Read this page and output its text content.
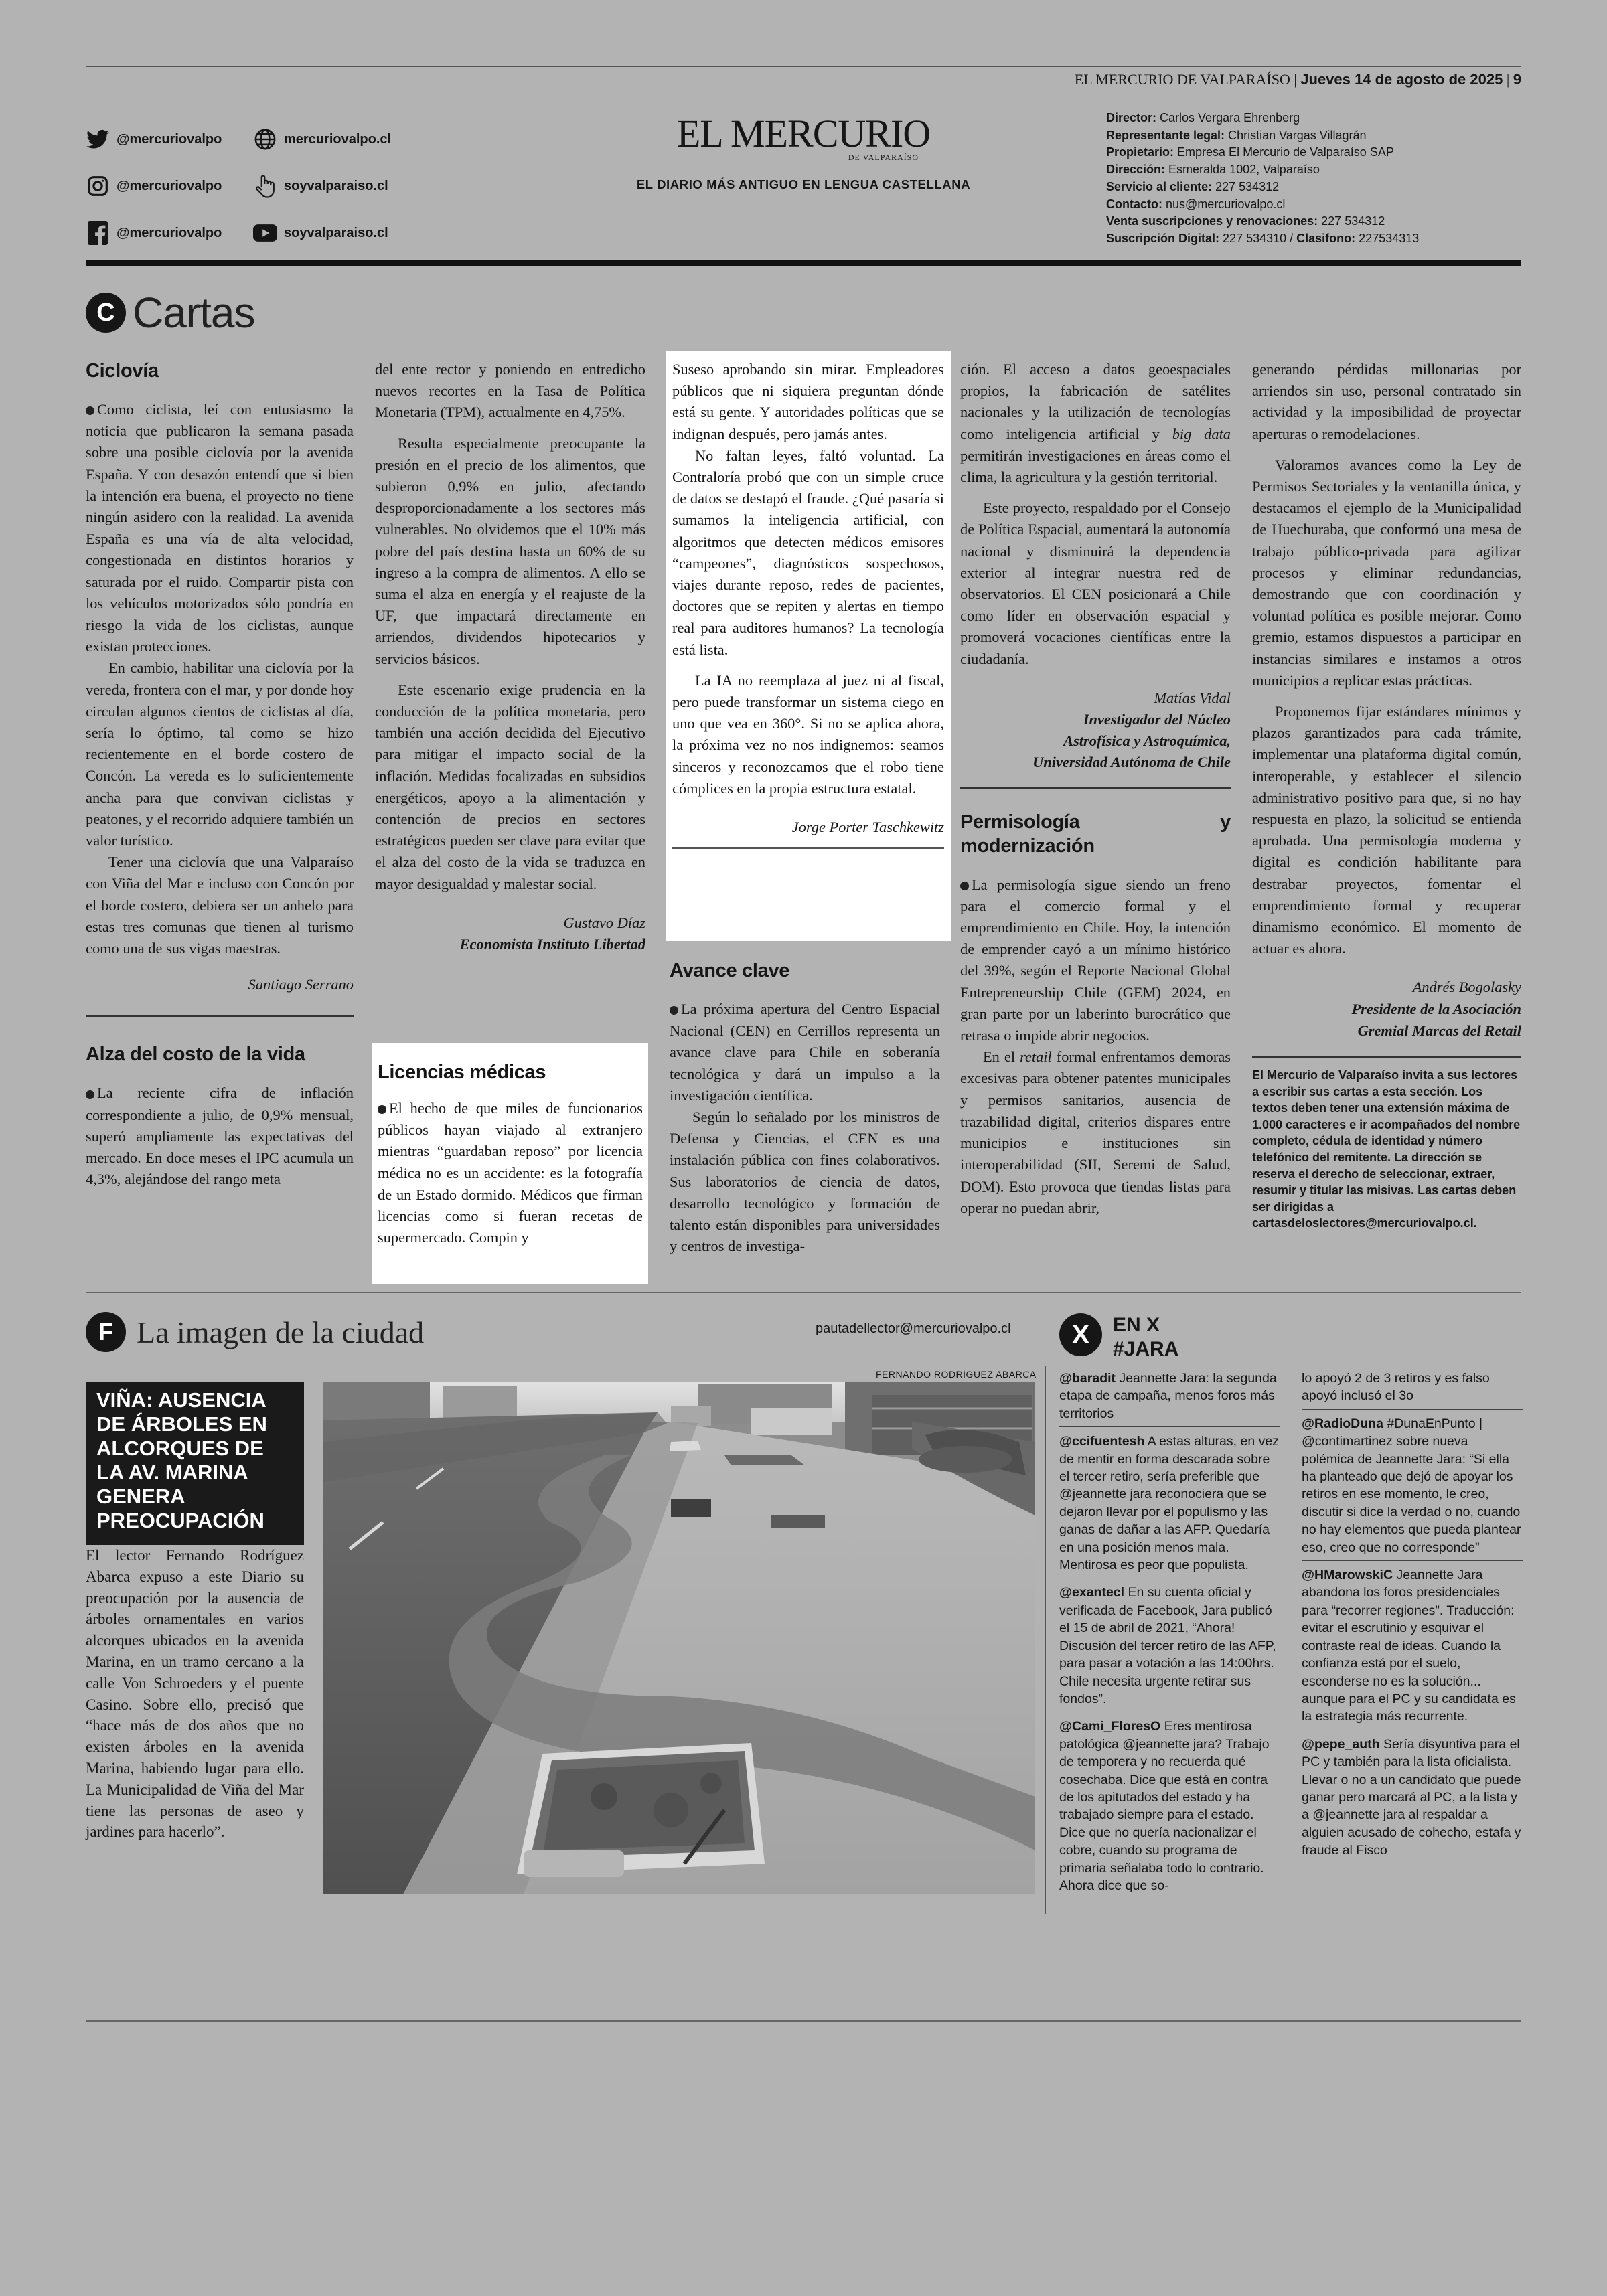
EL MERCURIO DE VALPARAÍSO | Jueves 14 de agosto de 2025 | 9
@mercuriovalpo	mercuriovalpo.cl
@mercuriovalpo	soyvalparaiso.cl
@mercuriovalpo	soyvalparaiso.cl
EL MERCURIO
DE VALPARAÍSO
EL DIARIO MÁS ANTIGUO EN LENGUA CASTELLANA
Director: Carlos Vergara Ehrenberg
Representante legal: Christian Vargas Villagrán
Propietario: Empresa El Mercurio de Valparaíso SAP
Dirección: Esmeralda 1002, Valparaíso
Servicio al cliente: 227 534312
Contacto: nus@mercuriovalpo.cl
Venta suscripciones y renovaciones: 227 534312
Suscripción Digital: 227 534310 / Clasifono: 227534313
C Cartas
Ciclovía

Como ciclista, leí con entusiasmo la noticia que publicaron la semana pasada sobre una posible ciclovía por la avenida España. Y con desazón entendí que si bien la intención era buena, el proyecto no tiene ningún asidero con la realidad. La avenida España es una vía de alta velocidad, congestionada en distintos horarios y saturada por el ruido. Compartir pista con los vehículos motorizados sólo pondría en riesgo la vida de los ciclistas, aunque existan protecciones.

En cambio, habilitar una ciclovía por la vereda, frontera con el mar, y por donde hoy circulan algunos cientos de ciclistas al día, sería lo óptimo, tal como se hizo recientemente en el borde costero de Concón. La vereda es lo suficientemente ancha para que convivan ciclistas y peatones, y el recorrido adquiere también un valor turístico.

Tener una ciclovía que una Valparaíso con Viña del Mar e incluso con Concón por el borde costero, debiera ser un anhelo para estas tres comunas que tienen al turismo como una de sus vigas maestras.

Santiago Serrano

Alza del costo de la vida

La reciente cifra de inflación correspondiente a julio, de 0,9% mensual, superó ampliamente las expectativas del mercado. En doce meses el IPC acumula un 4,3%, alejándose del rango meta

del ente rector y poniendo en entredicho nuevos recortes en la Tasa de Política Monetaria (TPM), actualmente en 4,75%.

Resulta especialmente preocupante la presión en el precio de los alimentos, que subieron 0,9% en julio, afectando desproporcionadamente a los sectores más vulnerables. No olvidemos que el 10% más pobre del país destina hasta un 60% de su ingreso a la compra de alimentos. A ello se suma el alza en energía y el reajuste de la UF, que impactará directamente en arriendos, dividendos hipotecarios y servicios básicos.

Este escenario exige prudencia en la conducción de la política monetaria, pero también una acción decidida del Ejecutivo para mitigar el impacto social de la inflación. Medidas focalizadas en subsidios energéticos, apoyo a la alimentación y contención de precios en sectores estratégicos pueden ser clave para evitar que el alza del costo de la vida se traduzca en mayor desigualdad y malestar social.

Gustavo Díaz

Economista Instituto Libertad

Licencias médicas

El hecho de que miles de funcionarios públicos hayan viajado al extranjero mientras “guardaban reposo” por licencia médica no es un accidente: es la fotografía de un Estado dormido. Médicos que firman licencias como si fueran recetas de supermercado. Compin y

Suseso aprobando sin mirar. Empleadores públicos que ni siquiera preguntan dónde está su gente. Y autoridades políticas que se indignan después, pero jamás antes.

No faltan leyes, faltó voluntad. La Contraloría probó que con un simple cruce de datos se destapó el fraude. ¿Qué pasaría si sumamos la inteligencia artificial, con algoritmos que detecten médicos emisores “campeones”, diagnósticos sospechosos, viajes durante reposo, redes de pacientes, doctores que se repiten y alertas en tiempo real para auditores humanos? La tecnología está lista.

La IA no reemplaza al juez ni al fiscal, pero puede transformar un sistema ciego en uno que vea en 360°. Si no se aplica ahora, la próxima vez no nos indignemos: seamos sinceros y reconozcamos que el robo tiene cómplices en la propia estructura estatal.

Jorge Porter Taschkewitz

Avance clave

La próxima apertura del Centro Espacial Nacional (CEN) en Cerrillos representa un avance clave para Chile en soberanía tecnológica y dará un impulso a la investigación científica.

Según lo señalado por los ministros de Defensa y Ciencias, el CEN es una instalación pública con fines colaborativos. Sus laboratorios de ciencia de datos, desarrollo tecnológico y formación de talento están disponibles para universidades y centros de investiga-

ción. El acceso a datos geoespaciales propios, la fabricación de satélites nacionales y la utilización de tecnologías como inteligencia artificial y big data permitirán investigaciones en áreas como el clima, la agricultura y la gestión territorial.

Este proyecto, respaldado por el Consejo de Política Espacial, aumentará la autonomía nacional y disminuirá la dependencia exterior al integrar nuestra red de observatorios. El CEN posicionará a Chile como líder en observación espacial y promoverá vocaciones científicas entre la ciudadanía.

Matías Vidal

Investigador del Núcleo

Astrofísica y Astroquímica,

Universidad Autónoma de Chile

Permisología y modernización

La permisología sigue siendo un freno para el comercio formal y el emprendimiento en Chile. Hoy, la intención de emprender cayó a un mínimo histórico del 39%, según el Reporte Nacional Global Entrepreneurship Chile (GEM) 2024, en gran parte por un laberinto burocrático que retrasa o impide abrir negocios.

En el retail formal enfrentamos demoras excesivas para obtener patentes municipales y permisos sanitarios, ausencia de trazabilidad digital, criterios dispares entre municipios e instituciones sin interoperabilidad (SII, Seremi de Salud, DOM). Esto provoca que tiendas listas para operar no puedan abrir,

generando pérdidas millonarias por arriendos sin uso, personal contratado sin actividad y la imposibilidad de proyectar aperturas o remodelaciones.

Valoramos avances como la Ley de Permisos Sectoriales y la ventanilla única, y destacamos el ejemplo de la Municipalidad de Huechuraba, que conformó una mesa de trabajo público-privada para agilizar procesos y eliminar redundancias, demostrando que con coordinación y voluntad política es posible mejorar. Como gremio, estamos dispuestos a participar en instancias similares e instamos a otros municipios a replicar estas prácticas.

Proponemos fijar estándares mínimos y plazos garantizados para cada trámite, implementar una plataforma digital común, interoperable, y establecer el silencio administrativo positivo para que, si no hay respuesta en plazo, la solicitud se entienda aprobada. Una permisología moderna y digital es condición habilitante para destrabar proyectos, fomentar el emprendimiento formal y recuperar dinamismo económico. El momento de actuar es ahora.

Andrés Bogolasky

Presidente de la Asociación

Gremial Marcas del Retail

El Mercurio de Valparaíso invita a sus lectores a escribir sus cartas a esta sección. Los textos deben tener una extensión máxima de 1.000 caracteres e ir acompañados del nombre completo, cédula de identidad y número telefónico del remitente. La dirección se reserva el derecho de seleccionar, extraer, resumir y titular las misivas. Las cartas deben ser dirigidas a cartasdeloslectores@mercuriovalpo.cl.

F La imagen de la ciudad	pautadellector@mercuriovalpo.cl
VIÑA: AUSENCIA DE ÁRBOLES EN ALCORQUES DE LA AV. MARINA GENERA PREOCUPACIÓN
El lector Fernando Rodríguez Abarca expuso a este Diario su preocupación por la ausencia de árboles ornamentales en varios alcorques ubicados en la avenida Marina, en un tramo cercano a la calle Von Schroeders y el puente Casino. Sobre ello, precisó que “hace más de dos años que no existen árboles en la avenida Marina, habiendo lugar para ello. La Municipalidad de Viña del Mar tiene las personas de aseo y jardines para hacerlo”.
FERNANDO RODRÍGUEZ ABARCA
X	EN X
#JARA
@baradit Jeannette Jara: la segunda etapa de campaña, menos foros más territorios
@ccifuentesh A estas alturas, en vez de mentir en forma descarada sobre el tercer retiro, sería preferible que @jeannette jara reconociera que se dejaron llevar por el populismo y las ganas de dañar a las AFP. Quedaría en una posición menos mala. Mentirosa es peor que populista.
@exantecl En su cuenta oficial y verificada de Facebook, Jara publicó el 15 de abril de 2021, “Ahora! Discusión del tercer retiro de las AFP, para pasar a votación a las 14:00hrs. Chile necesita urgente retirar sus fondos”.
@Cami_FloresO Eres mentirosa patológica @jeannette jara? Trabajo de temporera y no recuerda qué cosechaba. Dice que está en contra de los apitutados del estado y ha trabajado siempre para el estado. Dice que no quería nacionalizar el cobre, cuando su programa de primaria señalaba todo lo contrario. Ahora dice que so-
lo apoyó 2 de 3 retiros y es falso apoyó inclusó el 3o
@RadioDuna #DunaEnPunto | @contimartinez sobre nueva polémica de Jeannette Jara: “Si ella ha planteado que dejó de apoyar los retiros en ese momento, le creo, discutir si dice la verdad o no, cuando no hay elementos que pueda plantear eso, creo que no corresponde”
@HMarowskiC Jeannette Jara abandona los foros presidenciales para “recorrer regiones”. Traducción: evitar el escrutinio y esquivar el contraste real de ideas. Cuando la confianza está por el suelo, esconderse no es la solución... aunque para el PC y su candidata es la estrategia más recurrente.
@pepe_auth Sería disyuntiva para el PC y también para la lista oficialista. Llevar o no a un candidato que puede ganar pero marcará al PC, a la lista y a @jeannette jara al respaldar a alguien acusado de cohecho, estafa y fraude al Fisco
